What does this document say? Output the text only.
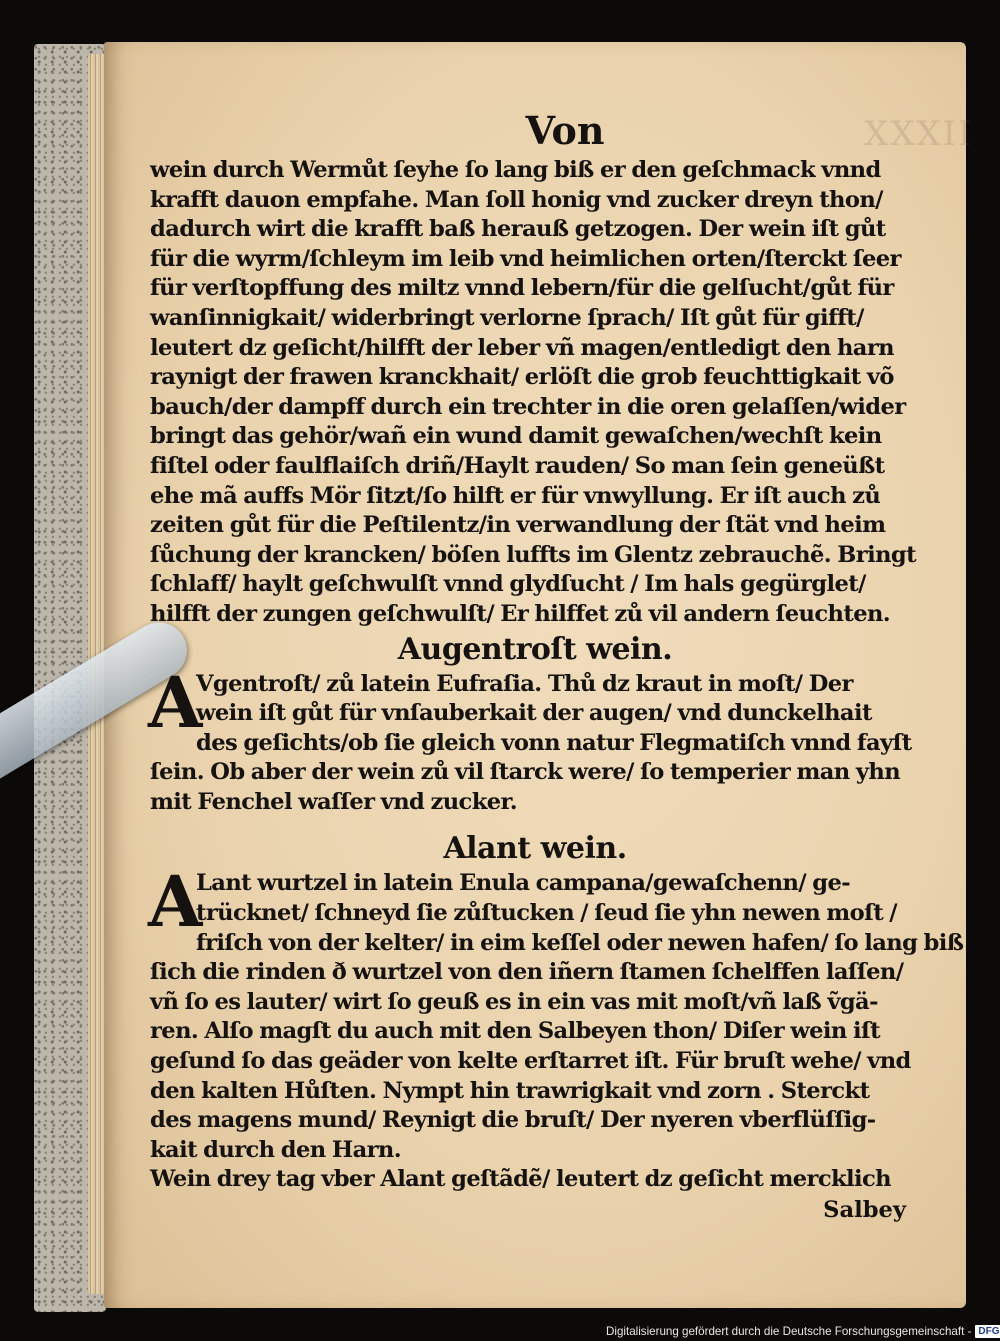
XXXII
Von
wein durch Wermůt ſeyhe ſo lang biß er den geſchmack vnnd
krafft dauon empfahe. Man ſoll honig vnd zucker dreyn thon/
dadurch wirt die krafft baß herauß getzogen. Der wein iſt gůt
für die wyrm/ſchleym im leib vnd heimlichen orten/ſterckt ſeer
für verſtopffung des miltz vnnd lebern/für die gelſucht/gůt für
wanſinnigkait/ widerbringt verlorne ſprach/ Iſt gůt für gifft/
leutert dz geſicht/hilfft der leber vñ magen/entledigt den harn
raynigt der frawen kranckhait/ erlöſt die grob feuchttigkait võ
bauch/der dampff durch ein trechter in die oren gelaſſen/wider
bringt das gehör/wañ ein wund damit gewaſchen/wechſt kein
fiſtel oder faulflaiſch driñ/Haylt rauden/ So man ſein geneüßt
ehe mã auffs Mör ſitzt/ſo hilft er für vnwyllung. Er iſt auch zů
zeiten gůt für die Peſtilentz/in verwandlung der ſtät vnd heim
ſůchung der krancken/ böſen luffts im Glentz zebrauchẽ. Bringt
ſchlaff/ haylt geſchwulſt vnnd glydſucht / Im hals gegürglet/
hilfft der zungen geſchwulſt/ Er hilffet zů vil andern ſeuchten.
Augentroſt wein.
A
Vgentroſt/ zů latein Eufraſia. Thů dz kraut in moſt/ Der
wein iſt gůt für vnſauberkait der augen/ vnd dunckelhait
des geſichts/ob ſie gleich vonn natur Flegmatiſch vnnd fayſt
ſein. Ob aber der wein zů vil ſtarck were/ ſo temperier man yhn
mit Fenchel waſſer vnd zucker.
Alant wein.
A
Lant wurtzel in latein Enula campana/gewaſchenn/ ge-
trücknet/ ſchneyd ſie zůſtucken / ſeud ſie yhn newen moſt /
friſch von der kelter/ in eim keſſel oder newen hafen/ ſo lang biß
ſich die rinden ð wurtzel von den iñern ſtamen ſchelffen laſſen/
vñ ſo es lauter/ wirt ſo geuß es in ein vas mit moſt/vñ laß ṽgä-
ren. Alſo magſt du auch mit den Salbeyen thon/ Diſer wein iſt
geſund ſo das geäder von kelte erſtarret iſt. Für bruſt wehe/ vnd
den kalten Hůſten. Nympt hin trawrigkait vnd zorn . Sterckt
des magens mund/ Reynigt die bruſt/ Der nyeren vberflüſſig-
kait durch den Harn.
Wein drey tag vber Alant geſtãdẽ/ leutert dz geſicht mercklich
Salbey
Digitalisierung gefördert durch die Deutsche Forschungsgemeinschaft - DFG
